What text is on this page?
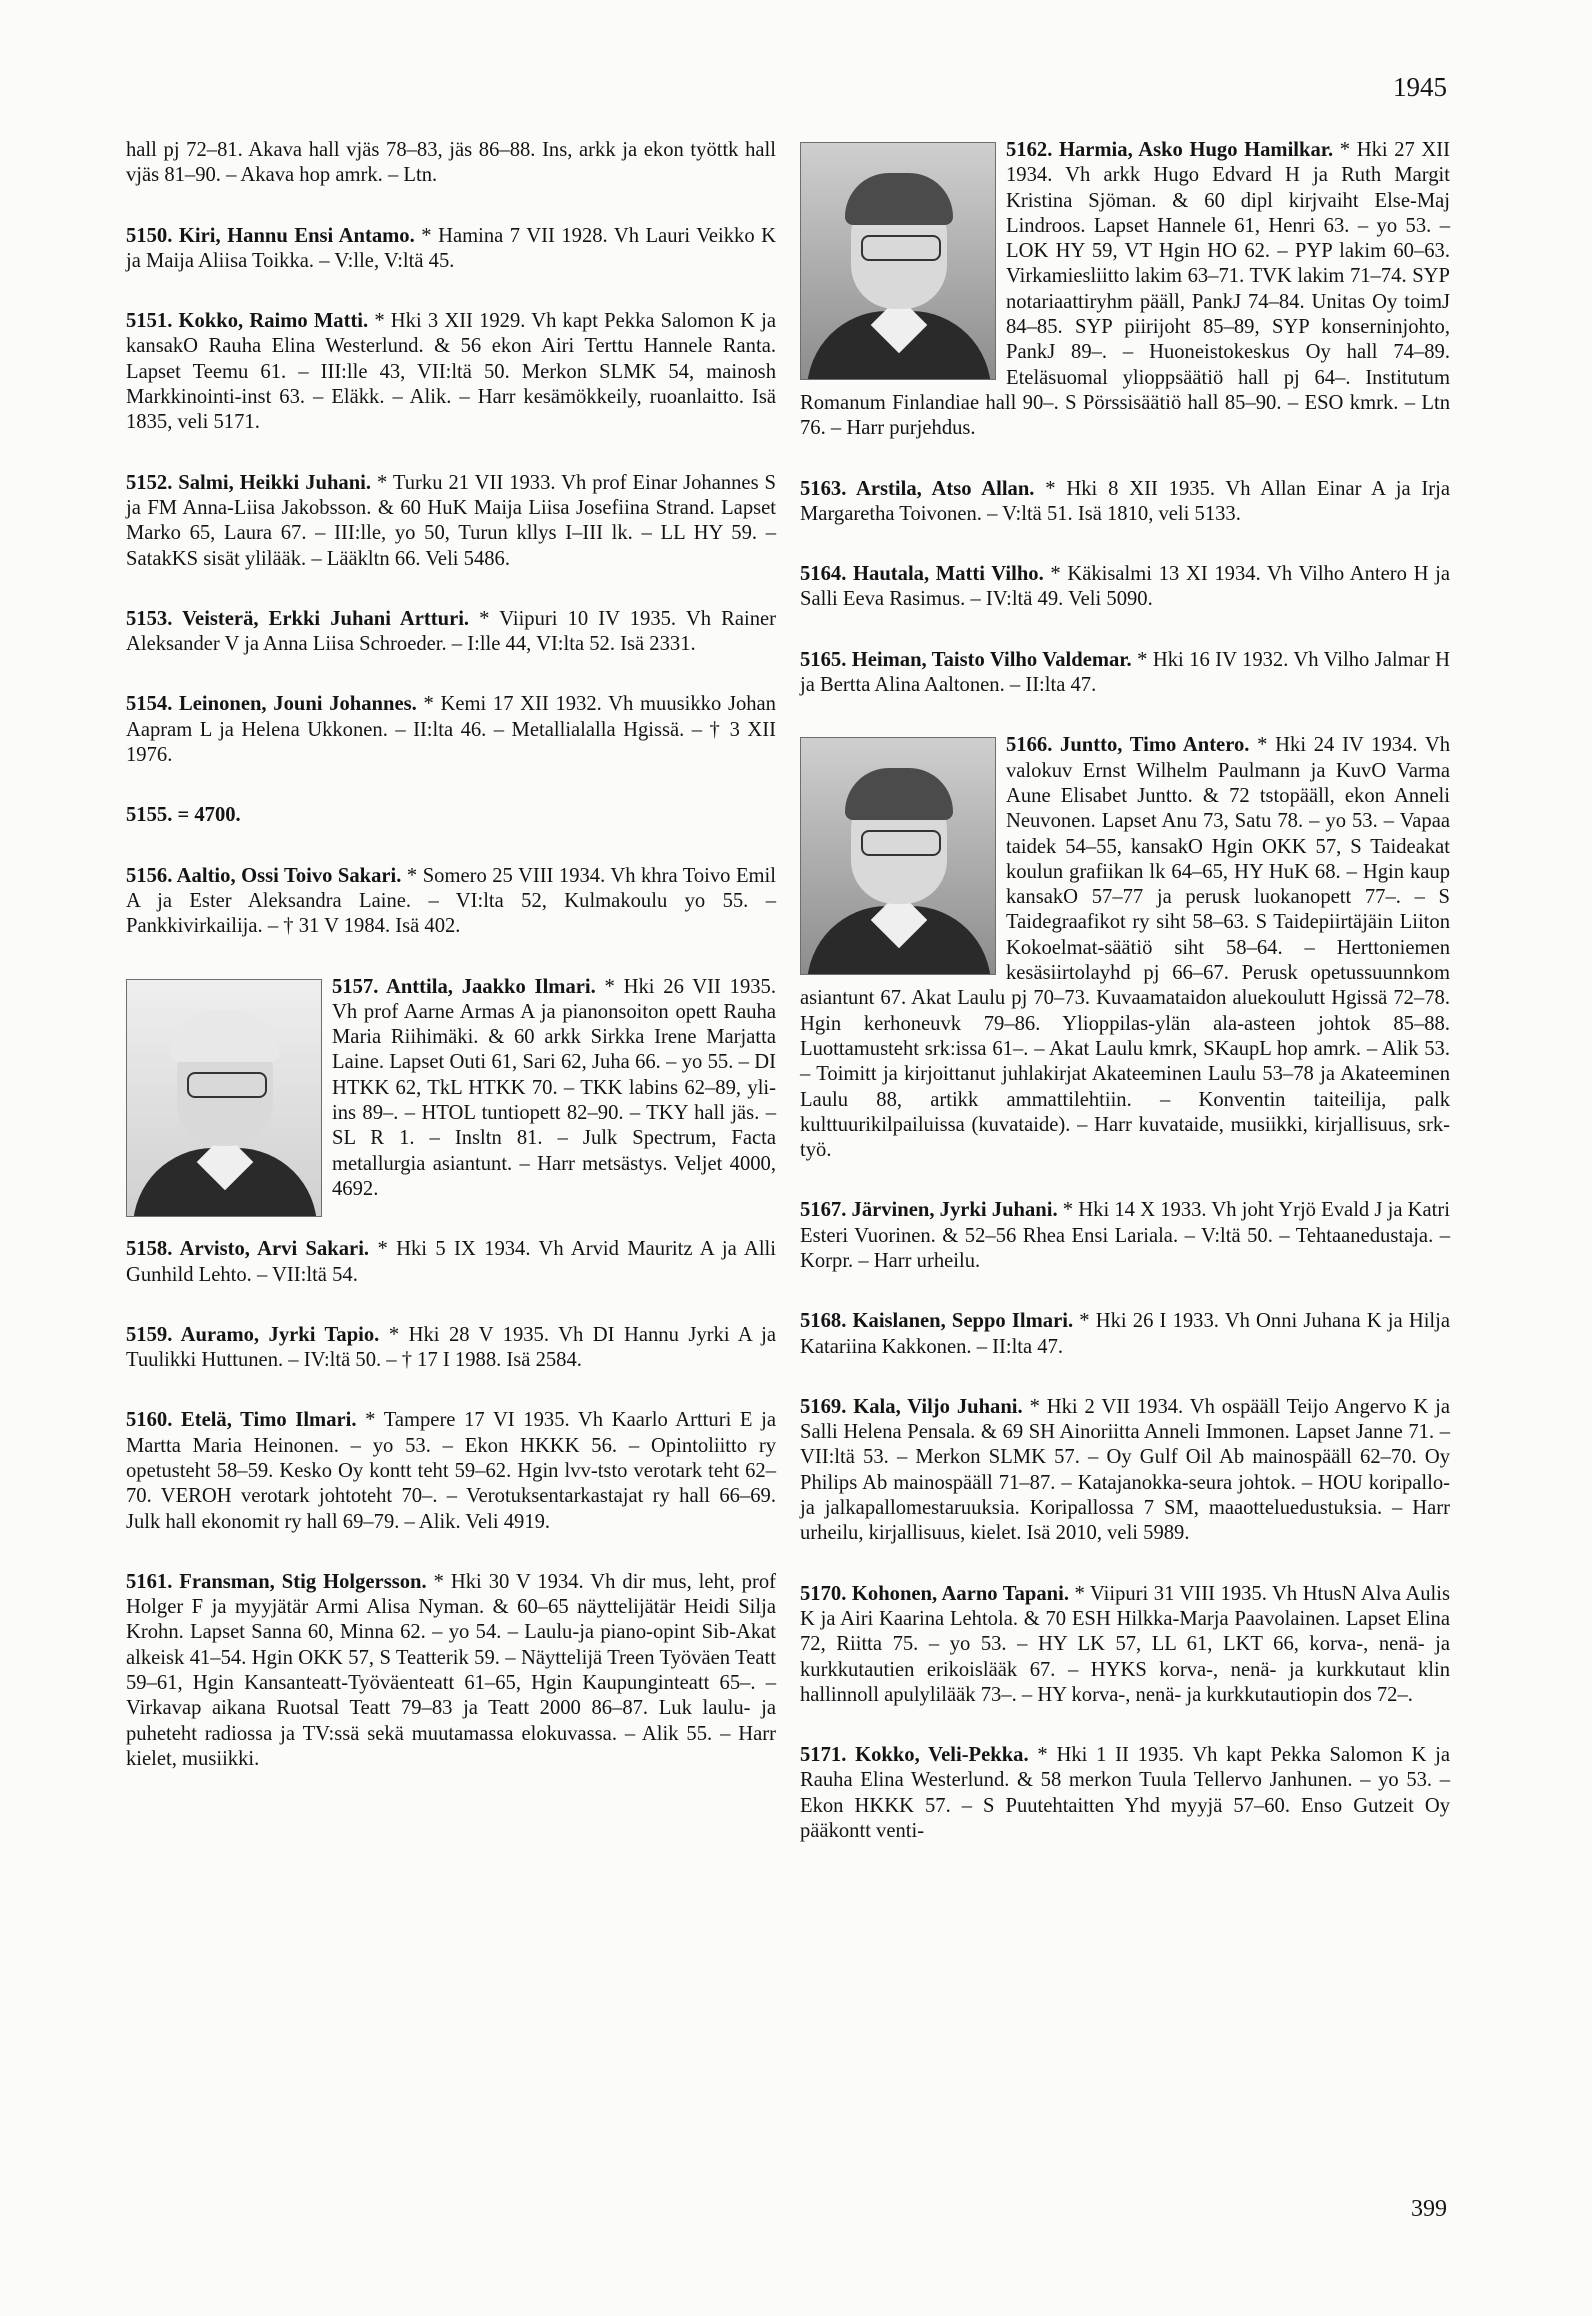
1945

hall pj 72–81. Akava hall vjäs 78–83, jäs 86–88. Ins, arkk ja ekon työttk hall vjäs 81–90. – Akava hop amrk. – Ltn.

5150. Kiri, Hannu Ensi Antamo. * Hamina 7 VII 1928. Vh Lauri Veikko K ja Maija Aliisa Toikka. – V:lle, V:ltä 45.

5151. Kokko, Raimo Matti. * Hki 3 XII 1929. Vh kapt Pekka Salomon K ja kansakO Rauha Elina Westerlund. & 56 ekon Airi Terttu Hannele Ranta. Lapset Teemu 61. – III:lle 43, VII:ltä 50. Merkon SLMK 54, mainosh Markkinointi-inst 63. – Eläkk. – Alik. – Harr kesämökkeily, ruoanlaitto. Isä 1835, veli 5171.

5152. Salmi, Heikki Juhani. * Turku 21 VII 1933. Vh prof Einar Johannes S ja FM Anna-Liisa Jakobsson. & 60 HuK Maija Liisa Josefiina Strand. Lapset Marko 65, Laura 67. – III:lle, yo 50, Turun kllys I–III lk. – LL HY 59. – SatakKS sisät ylilääk. – Lääkltn 66. Veli 5486.

5153. Veisterä, Erkki Juhani Artturi. * Viipuri 10 IV 1935. Vh Rainer Aleksander V ja Anna Liisa Schroeder. – I:lle 44, VI:lta 52. Isä 2331.

5154. Leinonen, Jouni Johannes. * Kemi 17 XII 1932. Vh muusikko Johan Aapram L ja Helena Ukkonen. – II:lta 46. – Metallialalla Hgissä. – † 3 XII 1976.

5155. = 4700.

5156. Aaltio, Ossi Toivo Sakari. * Somero 25 VIII 1934. Vh khra Toivo Emil A ja Ester Aleksandra Laine. – VI:lta 52, Kulmakoulu yo 55. – Pankkivirkailija. – † 31 V 1984. Isä 402.

5157. Anttila, Jaakko Ilmari. * Hki 26 VII 1935. Vh prof Aarne Armas A ja pianonsoiton opett Rauha Maria Riihimäki. & 60 arkk Sirkka Irene Marjatta Laine. Lapset Outi 61, Sari 62, Juha 66. – yo 55. – DI HTKK 62, TkL HTKK 70. – TKK labins 62–89, yli-ins 89–. – HTOL tuntiopett 82–90. – TKY hall jäs. – SL R 1. – Insltn 81. – Julk Spectrum, Facta metallurgia asiantunt. – Harr metsästys. Veljet 4000, 4692.

5158. Arvisto, Arvi Sakari. * Hki 5 IX 1934. Vh Arvid Mauritz A ja Alli Gunhild Lehto. – VII:ltä 54.

5159. Auramo, Jyrki Tapio. * Hki 28 V 1935. Vh DI Hannu Jyrki A ja Tuulikki Huttunen. – IV:ltä 50. – † 17 I 1988. Isä 2584.

5160. Etelä, Timo Ilmari. * Tampere 17 VI 1935. Vh Kaarlo Artturi E ja Martta Maria Heinonen. – yo 53. – Ekon HKKK 56. – Opintoliitto ry opetusteht 58–59. Kesko Oy kontt teht 59–62. Hgin lvv-tsto verotark teht 62–70. VEROH verotark johtoteht 70–. – Verotuksentarkastajat ry hall 66–69. Julk hall ekonomit ry hall 69–79. – Alik. Veli 4919.

5161. Fransman, Stig Holgersson. * Hki 30 V 1934. Vh dir mus, leht, prof Holger F ja myyjätär Armi Alisa Nyman. & 60–65 näyttelijätär Heidi Silja Krohn. Lapset Sanna 60, Minna 62. – yo 54. – Laulu-ja piano-opint Sib-Akat alkeisk 41–54. Hgin OKK 57, S Teatterik 59. – Näyttelijä Treen Työväen Teatt 59–61, Hgin Kansanteatt-Työväenteatt 61–65, Hgin Kaupunginteatt 65–. – Virkavap aikana Ruotsal Teatt 79–83 ja Teatt 2000 86–87. Luk laulu- ja puheteht radiossa ja TV:ssä sekä muutamassa elokuvassa. – Alik 55. – Harr kielet, musiikki.

5162. Harmia, Asko Hugo Hamilkar. * Hki 27 XII 1934. Vh arkk Hugo Edvard H ja Ruth Margit Kristina Sjöman. & 60 dipl kirjvaiht Else-Maj Lindroos. Lapset Hannele 61, Henri 63. – yo 53. – LOK HY 59, VT Hgin HO 62. – PYP lakim 60–63. Virkamiesliitto lakim 63–71. TVK lakim 71–74. SYP notariaattiryhm pääll, PankJ 74–84. Unitas Oy toimJ 84–85. SYP piirijoht 85–89, SYP konserninjohto, PankJ 89–. – Huoneistokeskus Oy hall 74–89. Eteläsuomal ylioppsäätiö hall pj 64–. Institutum Romanum Finlandiae hall 90–. S Pörssisäätiö hall 85–90. – ESO kmrk. – Ltn 76. – Harr purjehdus.

5163. Arstila, Atso Allan. * Hki 8 XII 1935. Vh Allan Einar A ja Irja Margaretha Toivonen. – V:ltä 51. Isä 1810, veli 5133.

5164. Hautala, Matti Vilho. * Käkisalmi 13 XI 1934. Vh Vilho Antero H ja Salli Eeva Rasimus. – IV:ltä 49. Veli 5090.

5165. Heiman, Taisto Vilho Valdemar. * Hki 16 IV 1932. Vh Vilho Jalmar H ja Bertta Alina Aaltonen. – II:lta 47.

5166. Juntto, Timo Antero. * Hki 24 IV 1934. Vh valokuv Ernst Wilhelm Paulmann ja KuvO Varma Aune Elisabet Juntto. & 72 tstopääll, ekon Anneli Neuvonen. Lapset Anu 73, Satu 78. – yo 53. – Vapaa taidek 54–55, kansakO Hgin OKK 57, S Taideakat koulun grafiikan lk 64–65, HY HuK 68. – Hgin kaup kansakO 57–77 ja perusk luokanopett 77–. – S Taidegraafikot ry siht 58–63. S Taidepiirtäjäin Liiton Kokoelmat-säätiö siht 58–64. – Herttoniemen kesäsiirtolayhd pj 66–67. Perusk opetussuunnkom asiantunt 67. Akat Laulu pj 70–73. Kuvaamataidon aluekoulutt Hgissä 72–78. Hgin kerhoneuvk 79–86. Ylioppilas-ylän ala-asteen johtok 85–88. Luottamusteht srk:issa 61–. – Akat Laulu kmrk, SKaupL hop amrk. – Alik 53. – Toimitt ja kirjoittanut juhlakirjat Akateeminen Laulu 53–78 ja Akateeminen Laulu 88, artikk ammattilehtiin. – Konventin taiteilija, palk kulttuurikilpailuissa (kuvataide). – Harr kuvataide, musiikki, kirjallisuus, srk-työ.

5167. Järvinen, Jyrki Juhani. * Hki 14 X 1933. Vh joht Yrjö Evald J ja Katri Esteri Vuorinen. & 52–56 Rhea Ensi Lariala. – V:ltä 50. – Tehtaanedustaja. – Korpr. – Harr urheilu.

5168. Kaislanen, Seppo Ilmari. * Hki 26 I 1933. Vh Onni Juhana K ja Hilja Katariina Kakkonen. – II:lta 47.

5169. Kala, Viljo Juhani. * Hki 2 VII 1934. Vh ospääll Teijo Angervo K ja Salli Helena Pensala. & 69 SH Ainoriitta Anneli Immonen. Lapset Janne 71. – VII:ltä 53. – Merkon SLMK 57. – Oy Gulf Oil Ab mainospääll 62–70. Oy Philips Ab mainospääll 71–87. – Katajanokka-seura johtok. – HOU koripallo- ja jalkapallomestaruuksia. Koripallossa 7 SM, maaotteluedustuksia. – Harr urheilu, kirjallisuus, kielet. Isä 2010, veli 5989.

5170. Kohonen, Aarno Tapani. * Viipuri 31 VIII 1935. Vh HtusN Alva Aulis K ja Airi Kaarina Lehtola. & 70 ESH Hilkka-Marja Paavolainen. Lapset Elina 72, Riitta 75. – yo 53. – HY LK 57, LL 61, LKT 66, korva-, nenä- ja kurkkutautien erikoislääk 67. – HYKS korva-, nenä- ja kurkkutaut klin hallinnoll apulylilääk 73–. – HY korva-, nenä- ja kurkkutautiopin dos 72–.

5171. Kokko, Veli-Pekka. * Hki 1 II 1935. Vh kapt Pekka Salomon K ja Rauha Elina Westerlund. & 58 merkon Tuula Tellervo Janhunen. – yo 53. – Ekon HKKK 57. – S Puutehtaitten Yhd myyjä 57–60. Enso Gutzeit Oy pääkontt venti-

399
